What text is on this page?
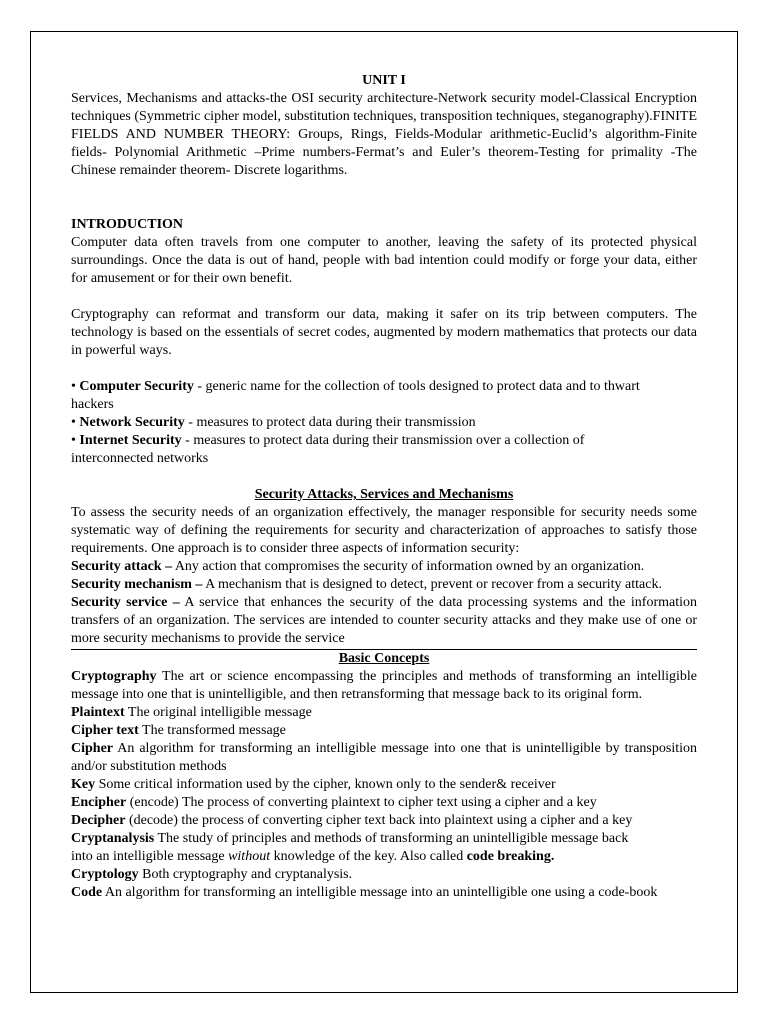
UNIT I

Services, Mechanisms and attacks-the OSI security architecture-Network security model-Classical Encryption techniques (Symmetric cipher model, substitution techniques, transposition techniques, steganography).FINITE FIELDS AND NUMBER THEORY: Groups, Rings, Fields-Modular arithmetic-Euclid’s algorithm-Finite fields- Polynomial Arithmetic –Prime numbers-Fermat’s and Euler’s theorem-Testing for primality -The Chinese remainder theorem- Discrete logarithms.

INTRODUCTION

Computer data often travels from one computer to another, leaving the safety of its protected physical surroundings. Once the data is out of hand, people with bad intention could modify or forge your data, either for amusement or for their own benefit.

Cryptography can reformat and transform our data, making it safer on its trip between computers. The technology is based on the essentials of secret codes, augmented by modern mathematics that protects our data in powerful ways.

• Computer Security - generic name for the collection of tools designed to protect data and to thwart hackers

• Network Security - measures to protect data during their transmission

• Internet Security - measures to protect data during their transmission over a collection of interconnected networks

Security Attacks, Services and Mechanisms

To assess the security needs of an organization effectively, the manager responsible for security needs some systematic way of defining the requirements for security and characterization of approaches to satisfy those requirements. One approach is to consider three aspects of information security:

Security attack – Any action that compromises the security of information owned by an organization.

Security mechanism – A mechanism that is designed to detect, prevent or recover from a security attack.

Security service – A service that enhances the security of the data processing systems and the information transfers of an organization. The services are intended to counter security attacks and they make use of one or more security mechanisms to provide the service

Basic Concepts

Cryptography The art or science encompassing the principles and methods of transforming an intelligible message into one that is unintelligible, and then retransforming that message back to its original form.

Plaintext The original intelligible message

Cipher text The transformed message

Cipher An algorithm for transforming an intelligible message into one that is unintelligible by transposition and/or substitution methods

Key Some critical information used by the cipher, known only to the sender& receiver

Encipher (encode) The process of converting plaintext to cipher text using a cipher and a key

Decipher (decode) the process of converting cipher text back into plaintext using a cipher and a key

Cryptanalysis The study of principles and methods of transforming an unintelligible message back into an intelligible message without knowledge of the key. Also called code breaking.

Cryptology Both cryptography and cryptanalysis.

Code An algorithm for transforming an intelligible message into an unintelligible one using a code-book
